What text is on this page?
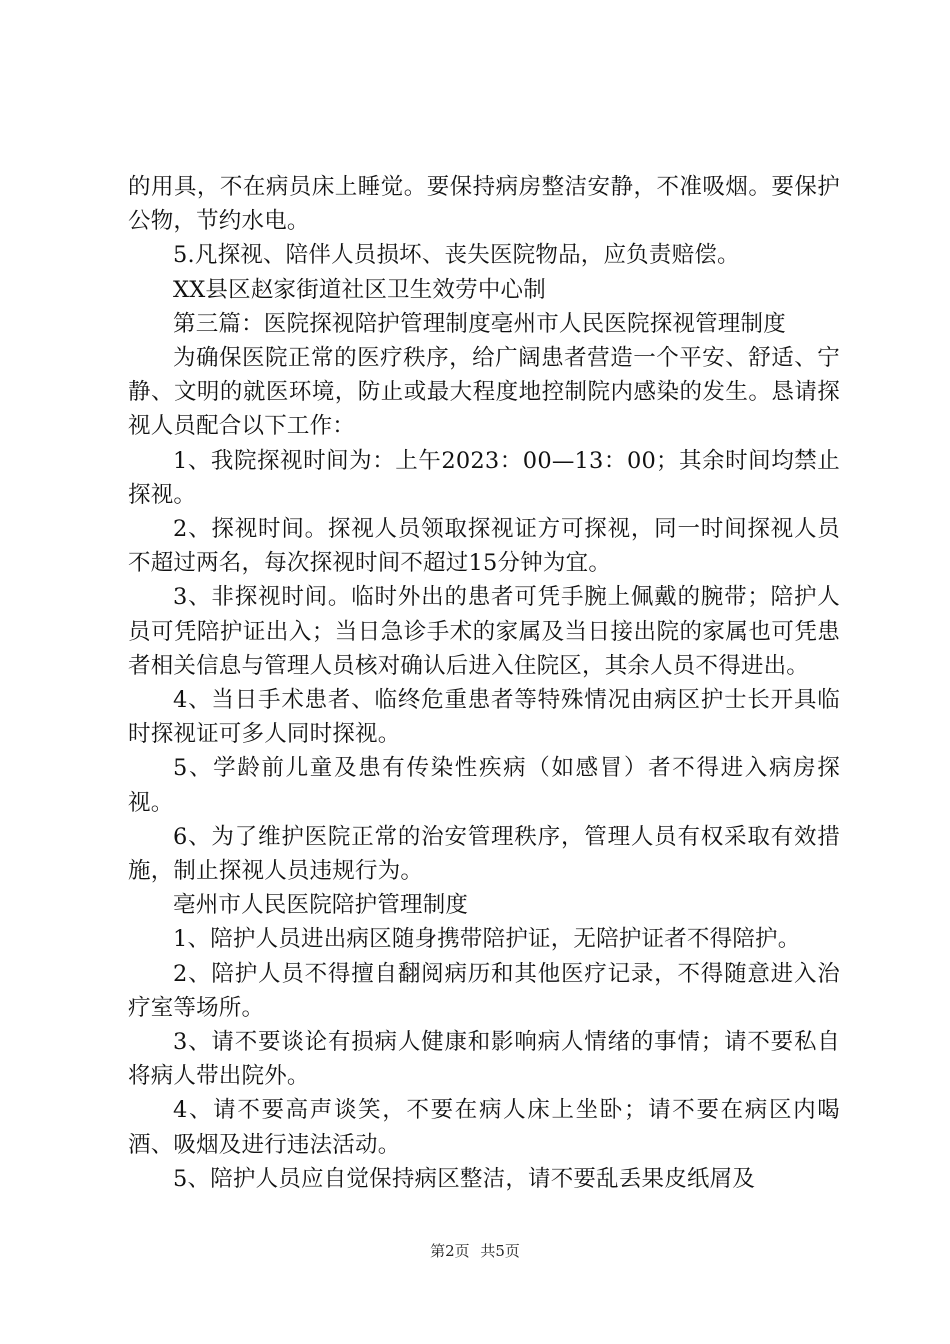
的用具，不在病员床上睡觉。要保持病房整洁安静，不准吸烟。要保护公物，节约水电。

5.凡探视、陪伴人员损坏、丧失医院物品，应负责赔偿。

XX县区赵家街道社区卫生效劳中心制

第三篇：医院探视陪护管理制度亳州市人民医院探视管理制度

为确保医院正常的医疗秩序，给广阔患者营造一个平安、舒适、宁静、文明的就医环境，防止或最大程度地控制院内感染的发生。恳请探视人员配合以下工作：

1、我院探视时间为：上午2023：00—13：00；其余时间均禁止探视。

2、探视时间。探视人员领取探视证方可探视，同一时间探视人员不超过两名，每次探视时间不超过15分钟为宜。

3、非探视时间。临时外出的患者可凭手腕上佩戴的腕带；陪护人员可凭陪护证出入；当日急诊手术的家属及当日接出院的家属也可凭患者相关信息与管理人员核对确认后进入住院区，其余人员不得进出。

4、当日手术患者、临终危重患者等特殊情况由病区护士长开具临时探视证可多人同时探视。

5、学龄前儿童及患有传染性疾病（如感冒）者不得进入病房探视。

6、为了维护医院正常的治安管理秩序，管理人员有权采取有效措施，制止探视人员违规行为。

亳州市人民医院陪护管理制度

1、陪护人员进出病区随身携带陪护证，无陪护证者不得陪护。

2、陪护人员不得擅自翻阅病历和其他医疗记录，不得随意进入治疗室等场所。

3、请不要谈论有损病人健康和影响病人情绪的事情；请不要私自将病人带出院外。

4、请不要高声谈笑，不要在病人床上坐卧；请不要在病区内喝酒、吸烟及进行违法活动。

5、陪护人员应自觉保持病区整洁，请不要乱丢果皮纸屑及

第2页 共5页
